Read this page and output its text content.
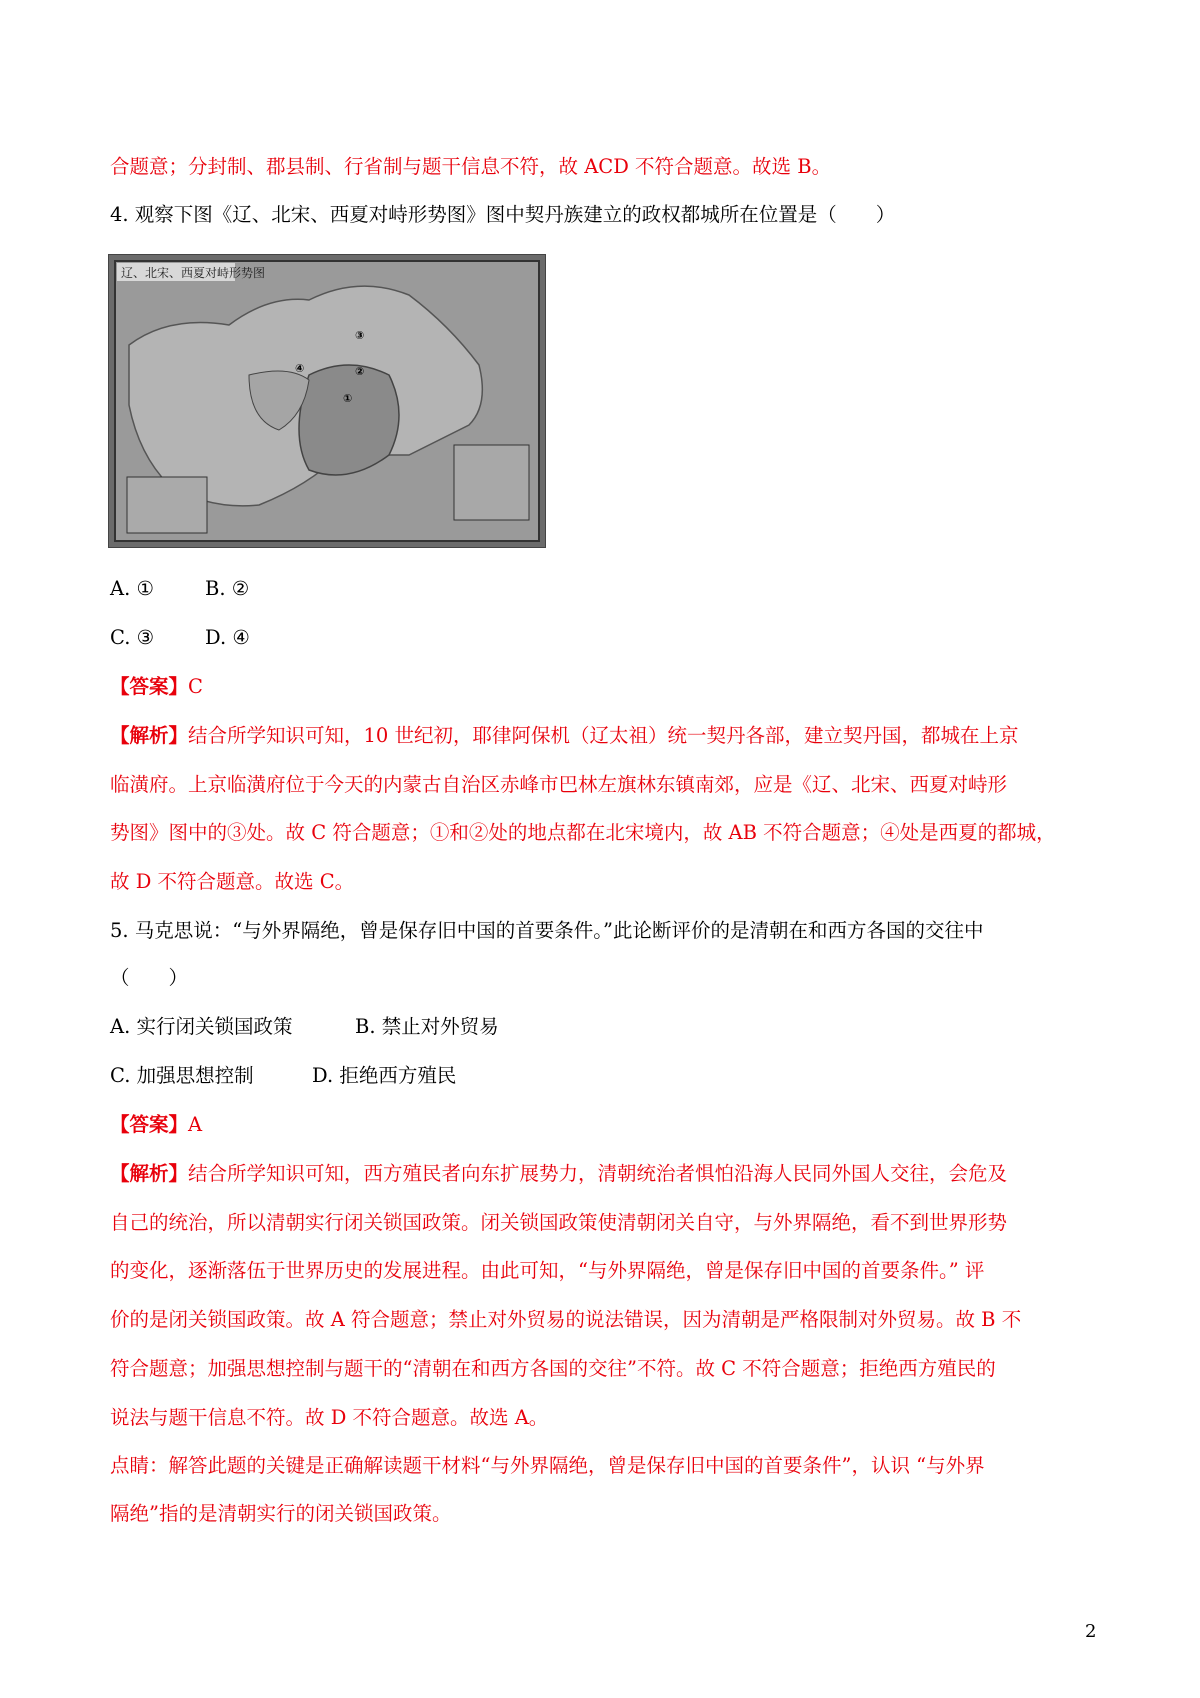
合题意；分封制、郡县制、行省制与题干信息不符，故 ACD 不符合题意。故选 B。
4. 观察下图《辽、北宋、西夏对峙形势图》图中契丹族建立的政权都城所在位置是（　　）
辽、北宋、西夏对峙形势图
③
④	②
①
A. ①	B. ②
C. ③	D. ④
【答案】C
【解析】结合所学知识可知，10 世纪初，耶律阿保机（辽太祖）统一契丹各部，建立契丹国，都城在上京
临潢府。上京临潢府位于今天的内蒙古自治区赤峰市巴林左旗林东镇南郊，应是《辽、北宋、西夏对峙形
势图》图中的③处。故 C 符合题意；①和②处的地点都在北宋境内，故 AB 不符合题意；④处是西夏的都城，
故 D 不符合题意。故选 C。
5. 马克思说：“与外界隔绝，曾是保存旧中国的首要条件。”此论断评价的是清朝在和西方各国的交往中
（　　）
A. 实行闭关锁国政策	B. 禁止对外贸易
C. 加强思想控制	D. 拒绝西方殖民
【答案】A
【解析】结合所学知识可知，西方殖民者向东扩展势力，清朝统治者惧怕沿海人民同外国人交往，会危及
自己的统治，所以清朝实行闭关锁国政策。闭关锁国政策使清朝闭关自守，与外界隔绝，看不到世界形势
的变化，逐渐落伍于世界历史的发展进程。由此可知，“与外界隔绝，曾是保存旧中国的首要条件。” 评
价的是闭关锁国政策。故 A 符合题意；禁止对外贸易的说法错误，因为清朝是严格限制对外贸易。故 B 不
符合题意；加强思想控制与题干的“清朝在和西方各国的交往”不符。故 C 不符合题意；拒绝西方殖民的
说法与题干信息不符。故 D 不符合题意。故选 A。
点睛：解答此题的关键是正确解读题干材料“与外界隔绝，曾是保存旧中国的首要条件”，认识 “与外界
隔绝”指的是清朝实行的闭关锁国政策。
2
